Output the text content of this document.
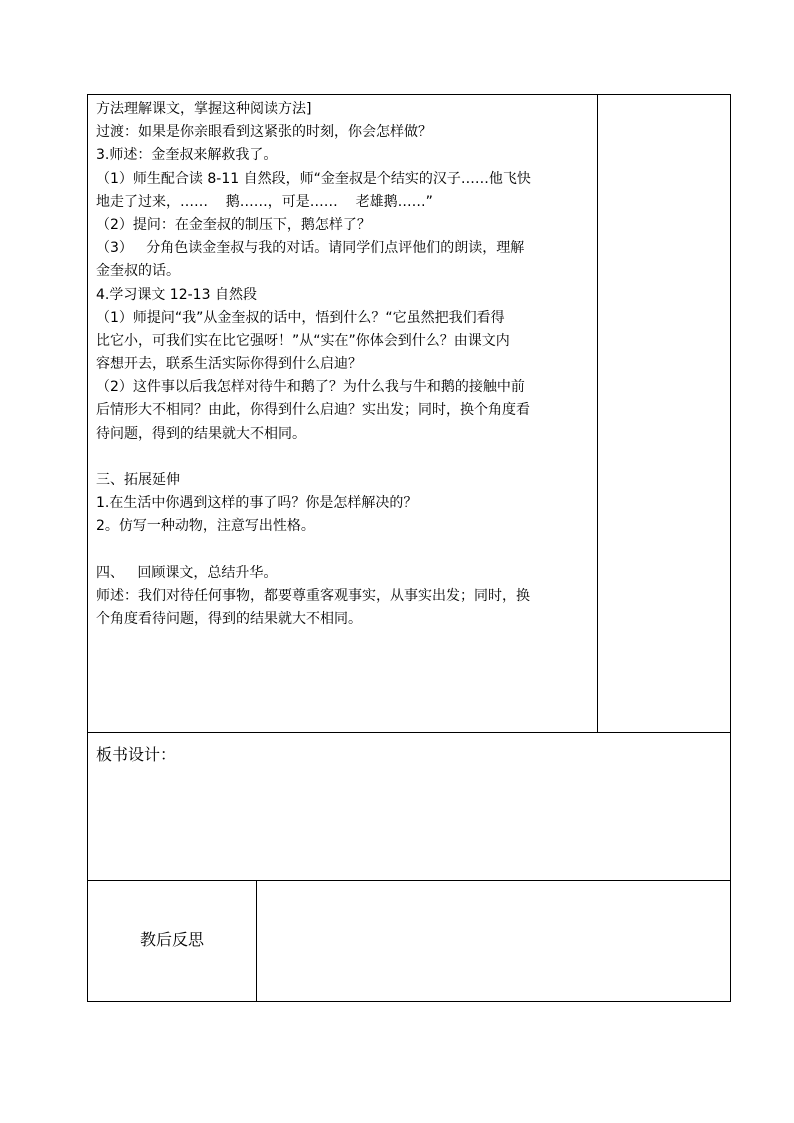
方法理解课文，掌握这种阅读方法]
过渡：如果是你亲眼看到这紧张的时刻，你会怎样做？
3.师述：金奎叔来解救我了。
（1）师生配合读 8-11 自然段，师“金奎叔是个结实的汉子……他飞快
地走了过来，……    鹅……，可是……    老雄鹅……”
（2）提问：在金奎叔的制压下，鹅怎样了？
（3）   分角色读金奎叔与我的对话。请同学们点评他们的朗读，理解
金奎叔的话。
4.学习课文 12-13 自然段
（1）师提问“我”从金奎叔的话中，悟到什么？“它虽然把我们看得
比它小，可我们实在比它强呀！”从“实在”你体会到什么？由课文内
容想开去，联系生活实际你得到什么启迪？
（2）这件事以后我怎样对待牛和鹅了？为什么我与牛和鹅的接触中前
后情形大不相同？由此，你得到什么启迪？实出发；同时，换个角度看
待问题，得到的结果就大不相同。
三、拓展延伸
1.在生活中你遇到这样的事了吗？你是怎样解决的？
2。仿写一种动物，注意写出性格。
四、   回顾课文，总结升华。
师述：我们对待任何事物，都要尊重客观事实，从事实出发；同时，换
个角度看待问题，得到的结果就大不相同。
板书设计：
教后反思
